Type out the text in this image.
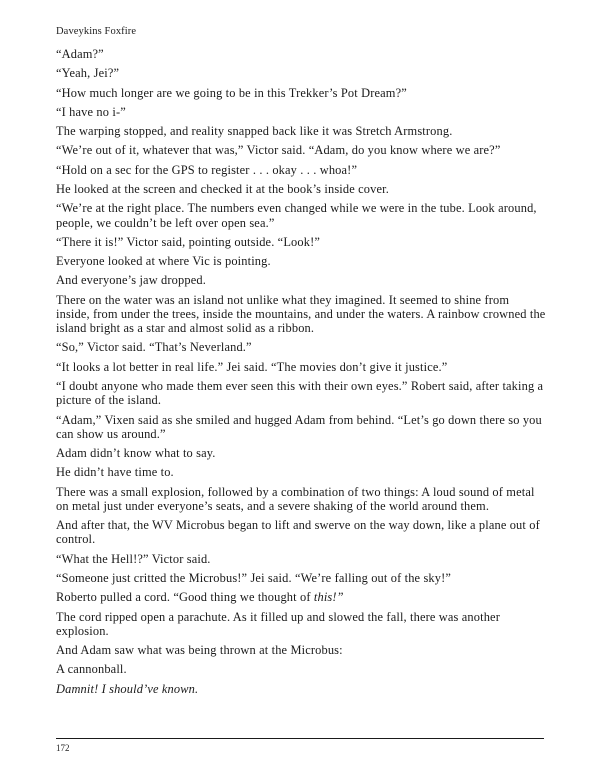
Daveykins Foxfire

“Adam?”

“Yeah, Jei?”

“How much longer are we going to be in this Trekker’s Pot Dream?”

“I have no i-”

The warping stopped, and reality snapped back like it was Stretch Armstrong.

“We’re out of it, whatever that was,” Victor said. “Adam, do you know where we are?”

“Hold on a sec for the GPS to register . . . okay . . . whoa!”

He looked at the screen and checked it at the book’s inside cover.

“We’re at the right place. The numbers even changed while we were in the tube. Look around, people, we couldn’t be left over open sea.”

“There it is!” Victor said, pointing outside. “Look!”

Everyone looked at where Vic is pointing.

And everyone’s jaw dropped.

There on the water was an island not unlike what they imagined. It seemed to shine from inside, from under the trees, inside the mountains, and under the waters. A rainbow crowned the island bright as a star and almost solid as a ribbon.

“So,” Victor said. “That’s Neverland.”

“It looks a lot better in real life.” Jei said. “The movies don’t give it justice.”

“I doubt anyone who made them ever seen this with their own eyes.” Robert said, after taking a picture of the island.

“Adam,” Vixen said as she smiled and hugged Adam from behind. “Let’s go down there so you can show us around.”

Adam didn’t know what to say.

He didn’t have time to.

There was a small explosion, followed by a combination of two things: A loud sound of metal on metal just under everyone’s seats, and a severe shaking of the world around them.

And after that, the WV Microbus began to lift and swerve on the way down, like a plane out of control.

“What the Hell!?” Victor said.

“Someone just critted the Microbus!” Jei said. “We’re falling out of the sky!”

Roberto pulled a cord. “Good thing we thought of this!”

The cord ripped open a parachute. As it filled up and slowed the fall, there was another explosion.

And Adam saw what was being thrown at the Microbus:

A cannonball.

Damnit! I should’ve known.

172
